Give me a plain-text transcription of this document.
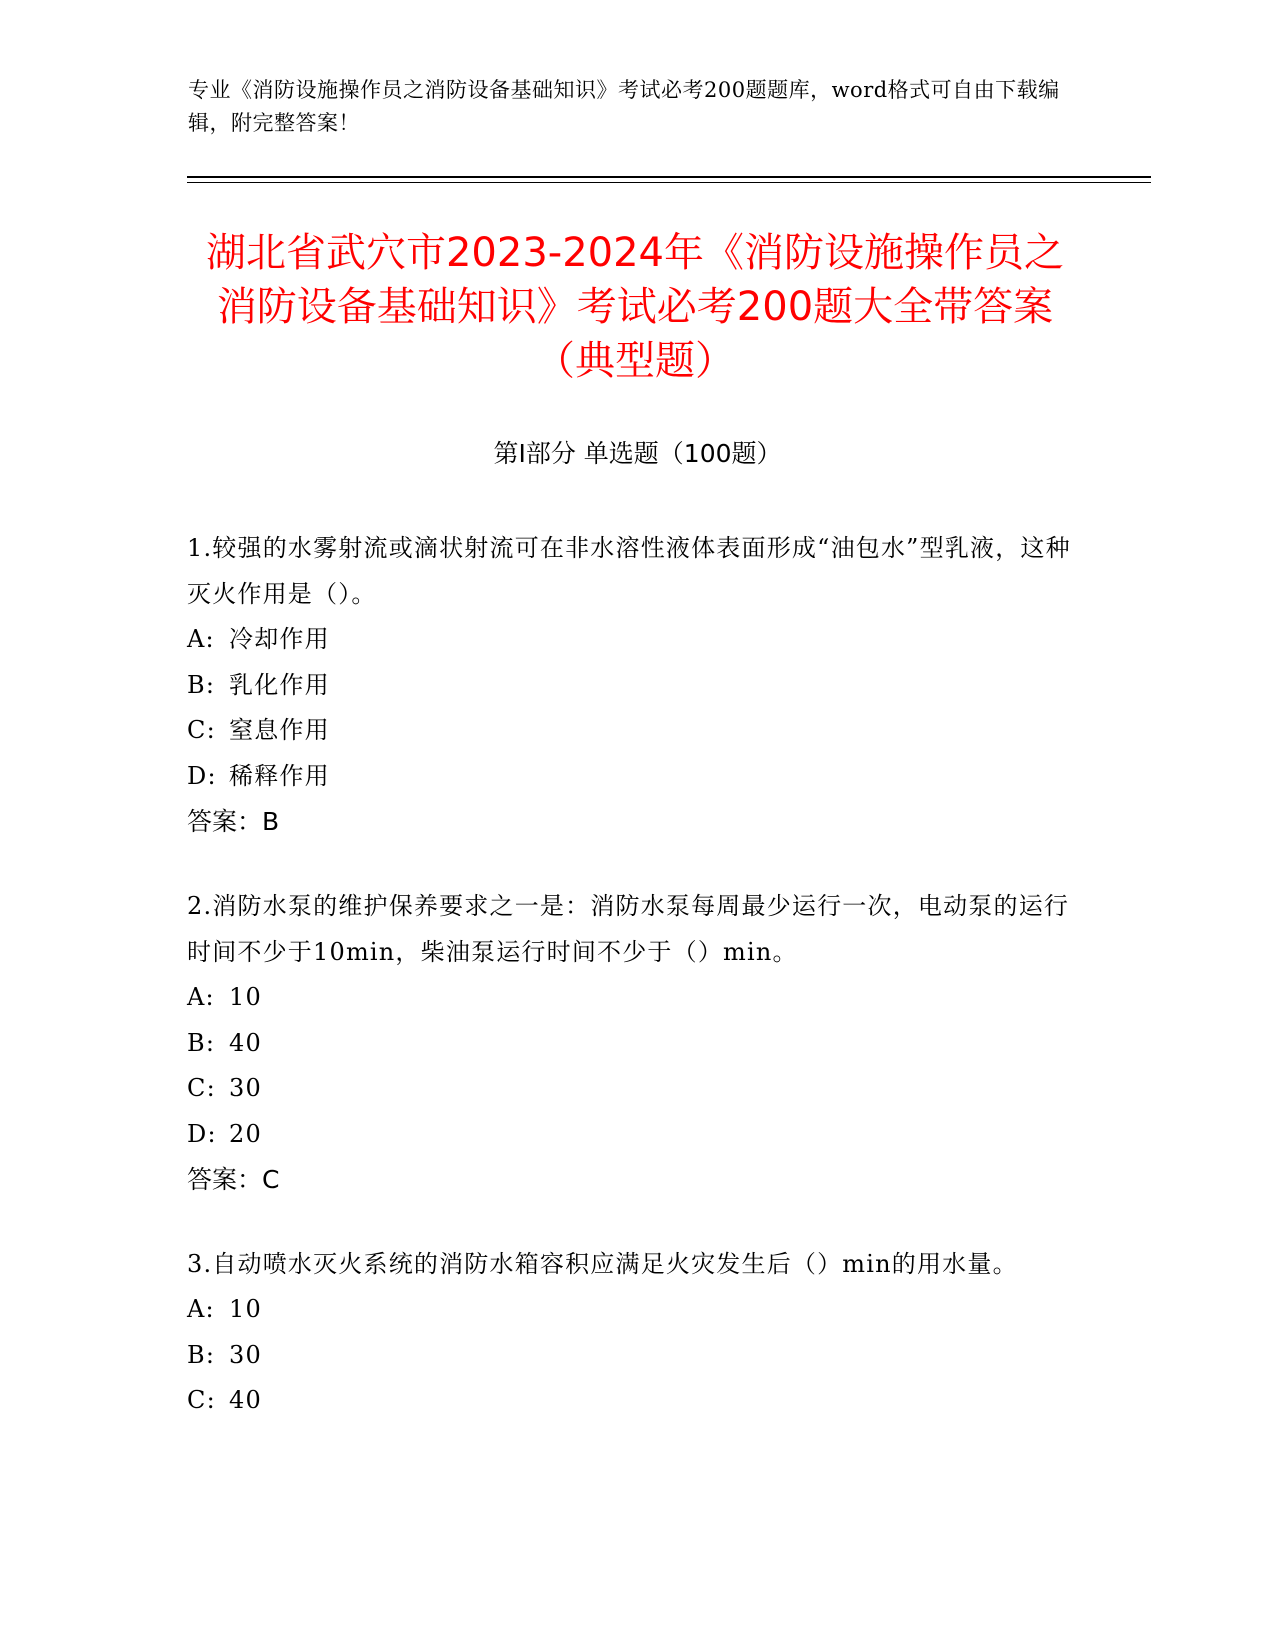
专业《消防设施操作员之消防设备基础知识》考试必考200题题库，word格式可自由下载编辑，附完整答案！
湖北省武穴市2023-2024年《消防设施操作员之消防设备基础知识》考试必考200题大全带答案（典型题）
第I部分 单选题（100题）
1.较强的水雾射流或滴状射流可在非水溶性液体表面形成“油包水”型乳液，这种灭火作用是（）。
A: 冷却作用
B: 乳化作用
C: 窒息作用
D: 稀释作用
答案：B
2.消防水泵的维护保养要求之一是：消防水泵每周最少运行一次，电动泵的运行时间不少于10min，柴油泵运行时间不少于（）min。
A: 10
B: 40
C: 30
D: 20
答案：C
3.自动喷水灭火系统的消防水箱容积应满足火灾发生后（）min的用水量。
A: 10
B: 30
C: 40
